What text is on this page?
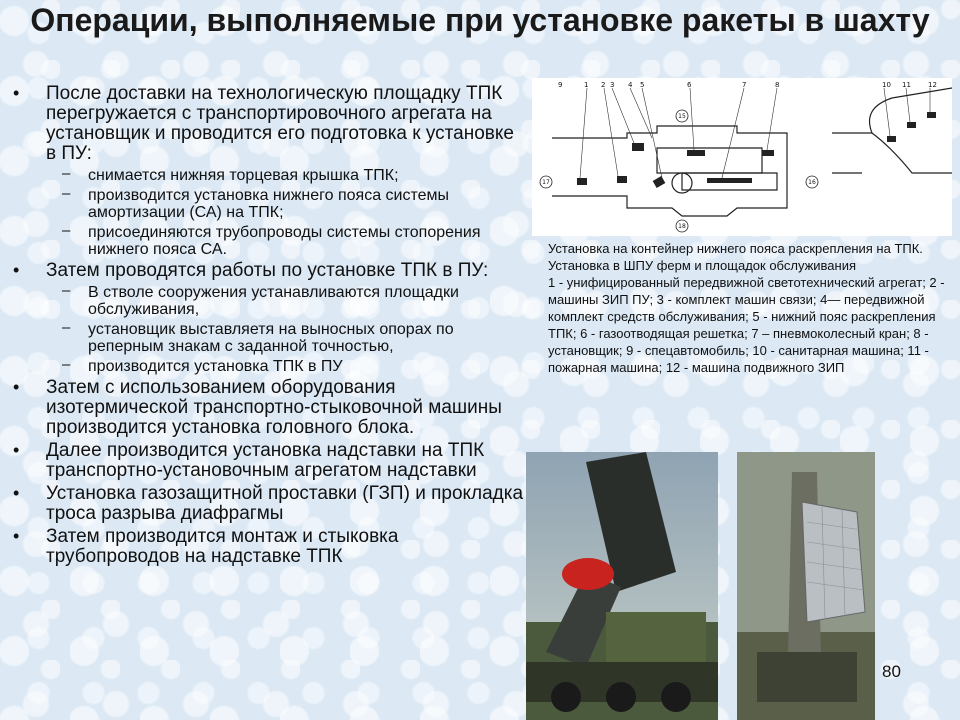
Операции, выполняемые при установке ракеты в шахту
• После доставки на технологическую площадку ТПК перегружается с транспортировочного агрегата на установщик и проводится его подготовка к установке в ПУ:
– снимается нижняя торцевая крышка ТПК;
– производится установка нижнего пояса системы амортизации (СА) на ТПК;
– присоединяются трубопроводы системы стопорения нижнего пояса СА.
• Затем проводятся работы по установке ТПК в ПУ:
– В стволе сооружения устанавливаются площадки обслуживания,
– установщик выставляетя на выносных опорах по реперным знакам с заданной точностью,
– производится установка ТПК в ПУ
• Затем с использованием оборудования изотермической транспортно-стыковочной машины производится установка головного блока.
• Далее производится установка надставки на ТПК транспортно-установочным агрегатом надставки
• Установка газозащитной проставки (ГЗП) и прокладка троса разрыва диафрагмы
• Затем производится монтаж и стыковка трубопроводов на надставке ТПК
1 2 3 4 5	6	7	8
9	10 11 12
15
17	16
18
Установка на контейнер нижнего пояса раскрепления на ТПК. Установка в ШПУ ферм и площадок обслуживания
1 - унифицированный передвижной светотехнический агрегат; 2 - машины ЗИП ПУ; 3 - комплект машин связи; 4— передвижной комплект средств обслуживания; 5 - нижний пояс раскрепления ТПК; 6 - газоотводящая решетка; 7 – пневмоколесный кран; 8 - установщик; 9 - спецавтомобиль; 10 - санитарная машина; 11 - пожарная машина; 12 - машина подвижного ЗИП
80
